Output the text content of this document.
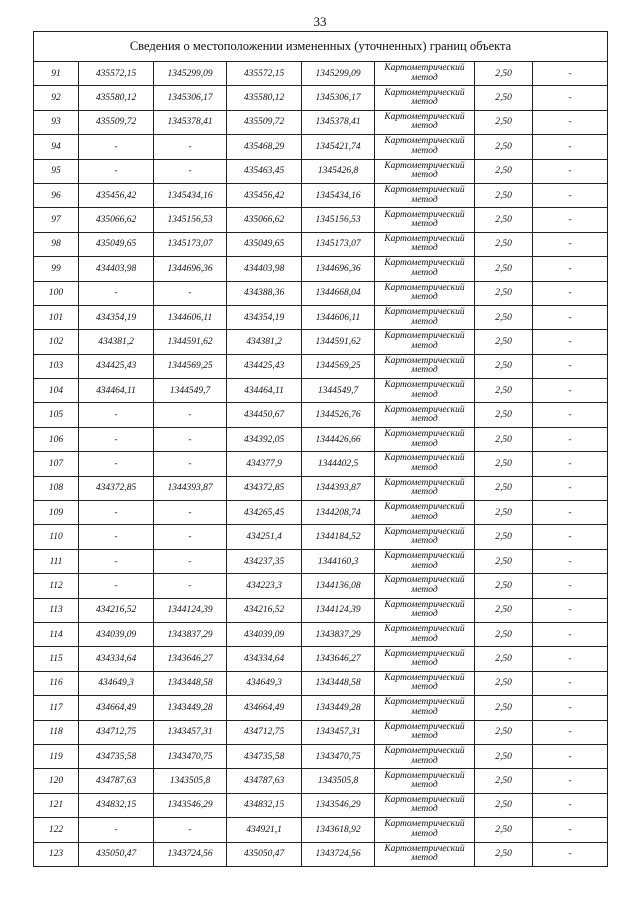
33
Сведения о местоположении измененных (уточненных) границ объекта							
91	435572,15	1345299,09	435572,15	1345299,09	Картометрический
метод	2,50	-
92	435580,12	1345306,17	435580,12	1345306,17	Картометрический
метод	2,50	-
93	435509,72	1345378,41	435509,72	1345378,41	Картометрический
метод	2,50	-
94	-	-	435468,29	1345421,74	Картометрический
метод	2,50	-
95	-	-	435463,45	1345426,8	Картометрический
метод	2,50	-
96	435456,42	1345434,16	435456,42	1345434,16	Картометрический
метод	2,50	-
97	435066,62	1345156,53	435066,62	1345156,53	Картометрический
метод	2,50	-
98	435049,65	1345173,07	435049,65	1345173,07	Картометрический
метод	2,50	-
99	434403,98	1344696,36	434403,98	1344696,36	Картометрический
метод	2,50	-
100	-	-	434388,36	1344668,04	Картометрический
метод	2,50	-
101	434354,19	1344606,11	434354,19	1344606,11	Картометрический
метод	2,50	-
102	434381,2	1344591,62	434381,2	1344591,62	Картометрический
метод	2,50	-
103	434425,43	1344569,25	434425,43	1344569,25	Картометрический
метод	2,50	-
104	434464,11	1344549,7	434464,11	1344549,7	Картометрический
метод	2,50	-
105	-	-	434450,67	1344526,76	Картометрический
метод	2,50	-
106	-	-	434392,05	1344426,66	Картометрический
метод	2,50	-
107	-	-	434377,9	1344402,5	Картометрический
метод	2,50	-
108	434372,85	1344393,87	434372,85	1344393,87	Картометрический
метод	2,50	-
109	-	-	434265,45	1344208,74	Картометрический
метод	2,50	-
110	-	-	434251,4	1344184,52	Картометрический
метод	2,50	-
111	-	-	434237,35	1344160,3	Картометрический
метод	2,50	-
112	-	-	434223,3	1344136,08	Картометрический
метод	2,50	-
113	434216,52	1344124,39	434216,52	1344124,39	Картометрический
метод	2,50	-
114	434039,09	1343837,29	434039,09	1343837,29	Картометрический
метод	2,50	-
115	434334,64	1343646,27	434334,64	1343646,27	Картометрический
метод	2,50	-
116	434649,3	1343448,58	434649,3	1343448,58	Картометрический
метод	2,50	-
117	434664,49	1343449,28	434664,49	1343449,28	Картометрический
метод	2,50	-
118	434712,75	1343457,31	434712,75	1343457,31	Картометрический
метод	2,50	-
119	434735,58	1343470,75	434735,58	1343470,75	Картометрический
метод	2,50	-
120	434787,63	1343505,8	434787,63	1343505,8	Картометрический
метод	2,50	-
121	434832,15	1343546,29	434832,15	1343546,29	Картометрический
метод	2,50	-
122	-	-	434921,1	1343618,92	Картометрический
метод	2,50	-
123	435050,47	1343724,56	435050,47	1343724,56	Картометрический
метод	2,50	-
